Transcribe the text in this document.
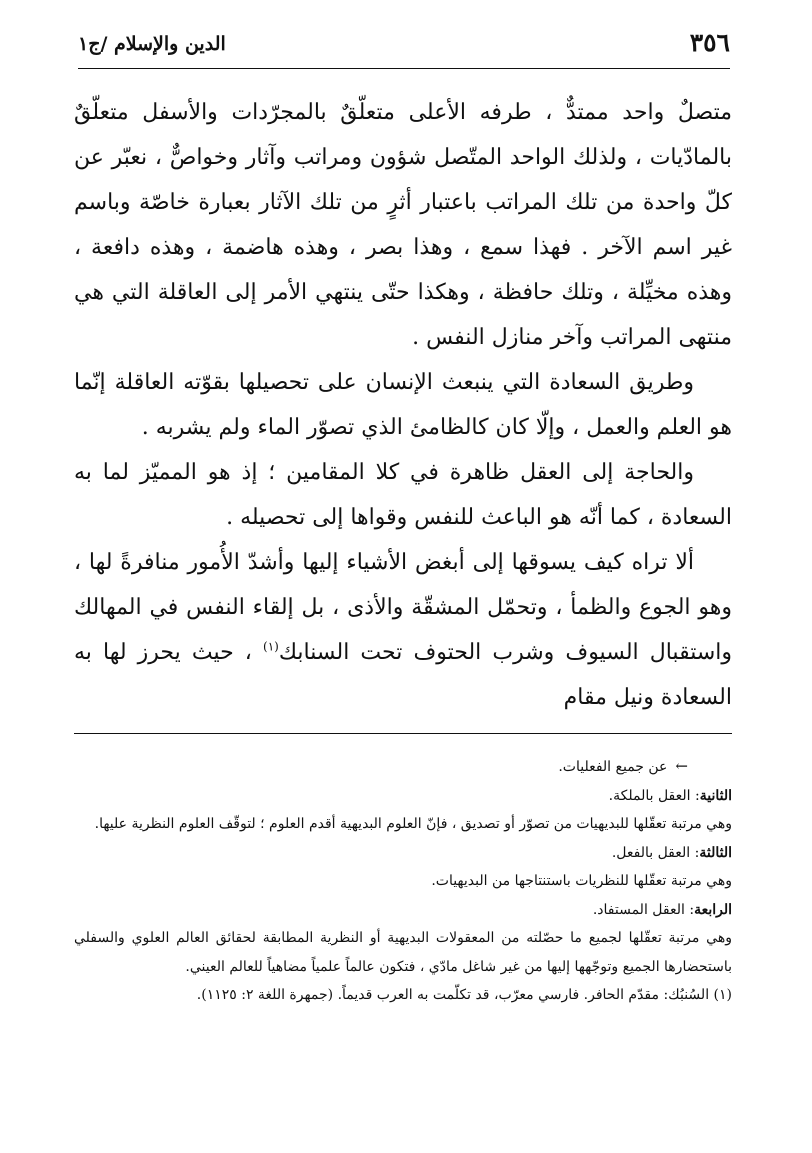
٣٥٦
الدين والإسلام /ج١

متصلٌ واحد ممتدٌّ ، طرفه الأعلى متعلّقٌ بالمجرّدات والأسفل متعلّقٌ بالمادّيات ، ولذلك الواحد المتّصل شؤون ومراتب وآثار وخواصٌّ ، نعبّر عن كلّ واحدة من تلك المراتب باعتبار أثرٍ من تلك الآثار بعبارة خاصّة وباسم غير اسم الآخر . فهذا سمع ، وهذا بصر ، وهذه هاضمة ، وهذه دافعة ، وهذه مخيِّلة ، وتلك حافظة ، وهكذا حتّى ينتهي الأمر إلى العاقلة التي هي منتهى المراتب وآخر منازل النفس .

وطريق السعادة التي ينبعث الإنسان على تحصيلها بقوّته العاقلة إنّما هو العلم والعمل ، وإلّا كان كالظامئ الذي تصوّر الماء ولم يشربه .

والحاجة إلى العقل ظاهرة في كلا المقامين ؛ إذ هو المميّز لما به السعادة ، كما أنّه هو الباعث للنفس وقواها إلى تحصيله .

ألا تراه كيف يسوقها إلى أبغض الأشياء إليها وأشدّ الأُمور منافرةً لها ، وهو الجوع والظمأ ، وتحمّل المشقّة والأذى ، بل إلقاء النفس في المهالك واستقبال السيوف وشرب الحتوف تحت السنابك$^{(١)}$ ، حيث يحرز لها به السعادة ونيل مقام

←عن جميع الفعليات.

الثانية: العقل بالملكة.

وهي مرتبة تعقّلها للبديهيات من تصوّر أو تصديق ، فإنّ العلوم البديهية أقدم العلوم ؛ لتوقّف العلوم النظرية عليها.

الثالثة: العقل بالفعل.

وهي مرتبة تعقّلها للنظريات باستنتاجها من البديهيات.

الرابعة: العقل المستفاد.

وهي مرتبة تعقّلها لجميع ما حصّلته من المعقولات البديهية أو النظرية المطابقة لحقائق العالم العلوي والسفلي باستحضارها الجميع وتوجّهها إليها من غير شاغل مادّي ، فتكون عالماً علمياً مضاهياً للعالم العيني.

(١) السُنبُك: مقدّم الحافر. فارسي معرّب، قد تكلّمت به العرب قديماً. (جمهرة اللغة ٢: ١١٢٥).
